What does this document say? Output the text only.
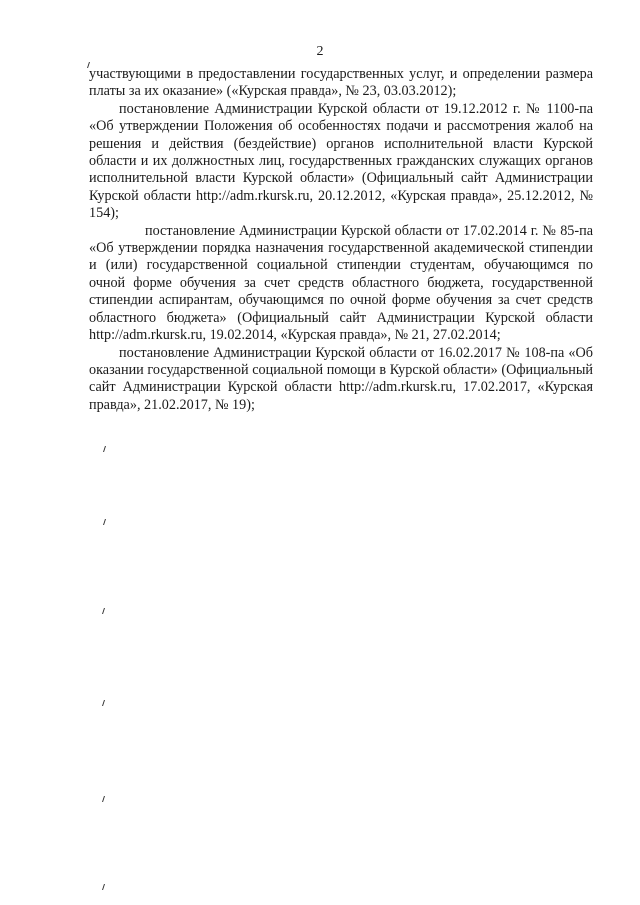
2

участвующими в предоставлении государственных услуг, и определении размера платы за их оказание» («Курская правда», № 23, 03.03.2012);

постановление Администрации Курской области от 19.12.2012 г. № 1100-па «Об утверждении Положения об особенностях подачи и рассмотрения жалоб на решения и действия (бездействие) органов исполнительной власти Курской области и их должностных лиц, государственных гражданских служащих органов исполнительной власти Курской области» (Официальный сайт Администрации Курской области http://adm.rkursk.ru, 20.12.2012, «Курская правда», 25.12.2012, № 154);

постановление Администрации Курской области от 17.02.2014 г. № 85-па «Об утверждении порядка назначения государственной академической стипендии и (или) государственной социальной стипендии студентам, обучающимся по очной форме обучения за счет средств областного бюджета, государственной стипендии аспирантам, обучающимся по очной форме обучения за счет средств областного бюджета» (Официальный сайт Администрации Курской области http://adm.rkursk.ru, 19.02.2014, «Курская правда», № 21, 27.02.2014;

постановление Администрации Курской области от 16.02.2017 № 108-па «Об оказании государственной социальной помощи в Курской области» (Официальный сайт Администрации Курской области http://adm.rkursk.ru, 17.02.2017, «Курская правда», 21.02.2017, № 19);
